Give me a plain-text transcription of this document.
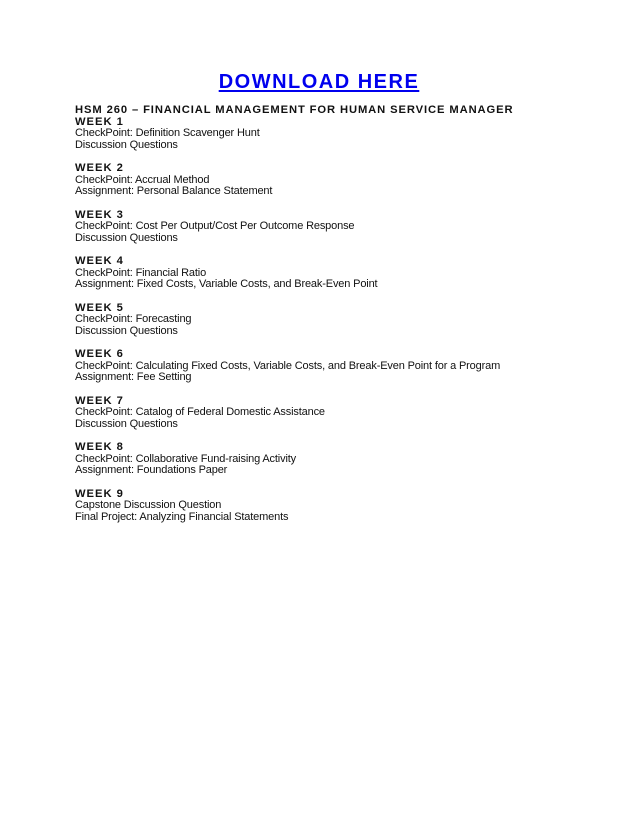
DOWNLOAD HERE
HSM 260 – FINANCIAL MANAGEMENT FOR HUMAN SERVICE MANAGER
WEEK 1
CheckPoint: Definition Scavenger Hunt
Discussion Questions
WEEK 2
CheckPoint: Accrual Method
Assignment: Personal Balance Statement
WEEK 3
CheckPoint: Cost Per Output/Cost Per Outcome Response
Discussion Questions
WEEK 4
CheckPoint: Financial Ratio
Assignment: Fixed Costs, Variable Costs, and Break-Even Point
WEEK 5
CheckPoint: Forecasting
Discussion Questions
WEEK 6
CheckPoint: Calculating Fixed Costs, Variable Costs, and Break-Even Point for a Program
Assignment: Fee Setting
WEEK 7
CheckPoint: Catalog of Federal Domestic Assistance
Discussion Questions
WEEK 8
CheckPoint: Collaborative Fund-raising Activity
Assignment: Foundations Paper
WEEK 9
Capstone Discussion Question
Final Project: Analyzing Financial Statements
